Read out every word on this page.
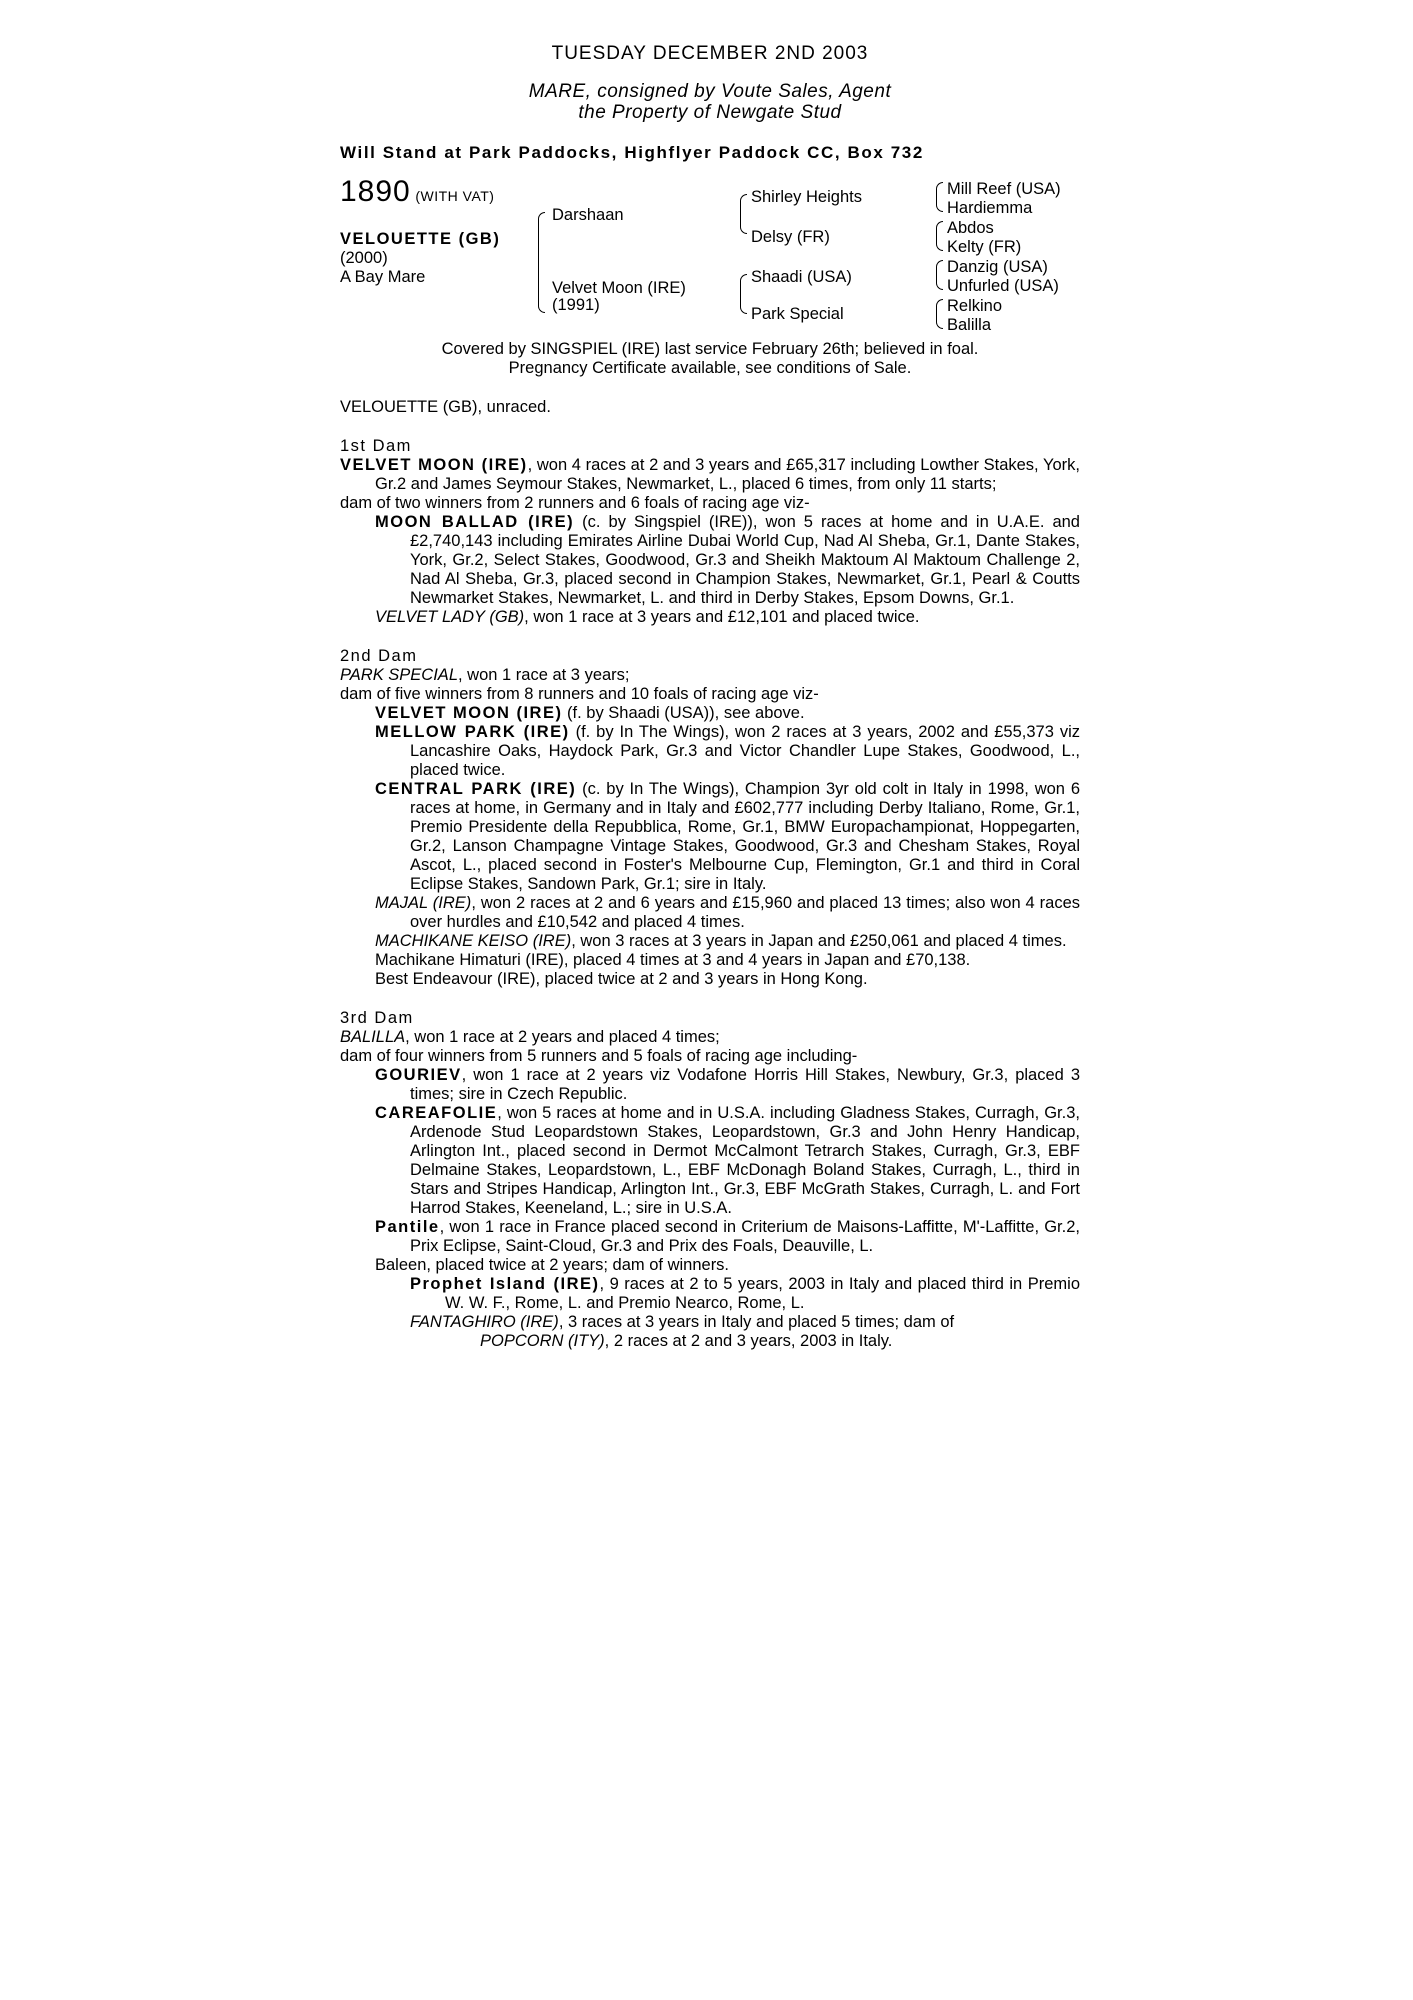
TUESDAY DECEMBER 2ND 2003
MARE, consigned by Voute Sales, Agent
the Property of Newgate Stud
Will Stand at Park Paddocks, Highflyer Paddock CC, Box 732
1890 (WITH VAT)
VELOUETTE (GB)
(2000)
A Bay Mare
Darshaan
Velvet Moon (IRE)
(1991)
Shirley Heights
Delsy (FR)
Shaadi (USA)
Park Special
Mill Reef (USA)
Hardiemma
Abdos
Kelty (FR)
Danzig (USA)
Unfurled (USA)
Relkino
Balilla
Covered by SINGSPIEL (IRE) last service February 26th; believed in foal.
Pregnancy Certificate available, see conditions of Sale.
VELOUETTE (GB), unraced.
1st Dam
VELVET MOON (IRE), won 4 races at 2 and 3 years and £65,317 including Lowther Stakes, York, Gr.2 and James Seymour Stakes, Newmarket, L., placed 6 times, from only 11 starts;
dam of two winners from 2 runners and 6 foals of racing age viz-
MOON BALLAD (IRE) (c. by Singspiel (IRE)), won 5 races at home and in U.A.E. and £2,740,143 including Emirates Airline Dubai World Cup, Nad Al Sheba, Gr.1, Dante Stakes, York, Gr.2, Select Stakes, Goodwood, Gr.3 and Sheikh Maktoum Al Maktoum Challenge 2, Nad Al Sheba, Gr.3, placed second in Champion Stakes, Newmarket, Gr.1, Pearl & Coutts Newmarket Stakes, Newmarket, L. and third in Derby Stakes, Epsom Downs, Gr.1.
VELVET LADY (GB), won 1 race at 3 years and £12,101 and placed twice.
2nd Dam
PARK SPECIAL, won 1 race at 3 years;
dam of five winners from 8 runners and 10 foals of racing age viz-
VELVET MOON (IRE) (f. by Shaadi (USA)), see above.
MELLOW PARK (IRE) (f. by In The Wings), won 2 races at 3 years, 2002 and £55,373 viz Lancashire Oaks, Haydock Park, Gr.3 and Victor Chandler Lupe Stakes, Goodwood, L., placed twice.
CENTRAL PARK (IRE) (c. by In The Wings), Champion 3yr old colt in Italy in 1998, won 6 races at home, in Germany and in Italy and £602,777 including Derby Italiano, Rome, Gr.1, Premio Presidente della Repubblica, Rome, Gr.1, BMW Europachampionat, Hoppegarten, Gr.2, Lanson Champagne Vintage Stakes, Goodwood, Gr.3 and Chesham Stakes, Royal Ascot, L., placed second in Foster's Melbourne Cup, Flemington, Gr.1 and third in Coral Eclipse Stakes, Sandown Park, Gr.1; sire in Italy.
MAJAL (IRE), won 2 races at 2 and 6 years and £15,960 and placed 13 times; also won 4 races over hurdles and £10,542 and placed 4 times.
MACHIKANE KEISO (IRE), won 3 races at 3 years in Japan and £250,061 and placed 4 times.
Machikane Himaturi (IRE), placed 4 times at 3 and 4 years in Japan and £70,138.
Best Endeavour (IRE), placed twice at 2 and 3 years in Hong Kong.
3rd Dam
BALILLA, won 1 race at 2 years and placed 4 times;
dam of four winners from 5 runners and 5 foals of racing age including-
GOURIEV, won 1 race at 2 years viz Vodafone Horris Hill Stakes, Newbury, Gr.3, placed 3 times; sire in Czech Republic.
CAREAFOLIE, won 5 races at home and in U.S.A. including Gladness Stakes, Curragh, Gr.3, Ardenode Stud Leopardstown Stakes, Leopardstown, Gr.3 and John Henry Handicap, Arlington Int., placed second in Dermot McCalmont Tetrarch Stakes, Curragh, Gr.3, EBF Delmaine Stakes, Leopardstown, L., EBF McDonagh Boland Stakes, Curragh, L., third in Stars and Stripes Handicap, Arlington Int., Gr.3, EBF McGrath Stakes, Curragh, L. and Fort Harrod Stakes, Keeneland, L.; sire in U.S.A.
Pantile, won 1 race in France placed second in Criterium de Maisons-Laffitte, M'-Laffitte, Gr.2, Prix Eclipse, Saint-Cloud, Gr.3 and Prix des Foals, Deauville, L.
Baleen, placed twice at 2 years; dam of winners.
Prophet Island (IRE), 9 races at 2 to 5 years, 2003 in Italy and placed third in Premio W. W. F., Rome, L. and Premio Nearco, Rome, L.
FANTAGHIRO (IRE), 3 races at 3 years in Italy and placed 5 times; dam of
POPCORN (ITY), 2 races at 2 and 3 years, 2003 in Italy.
